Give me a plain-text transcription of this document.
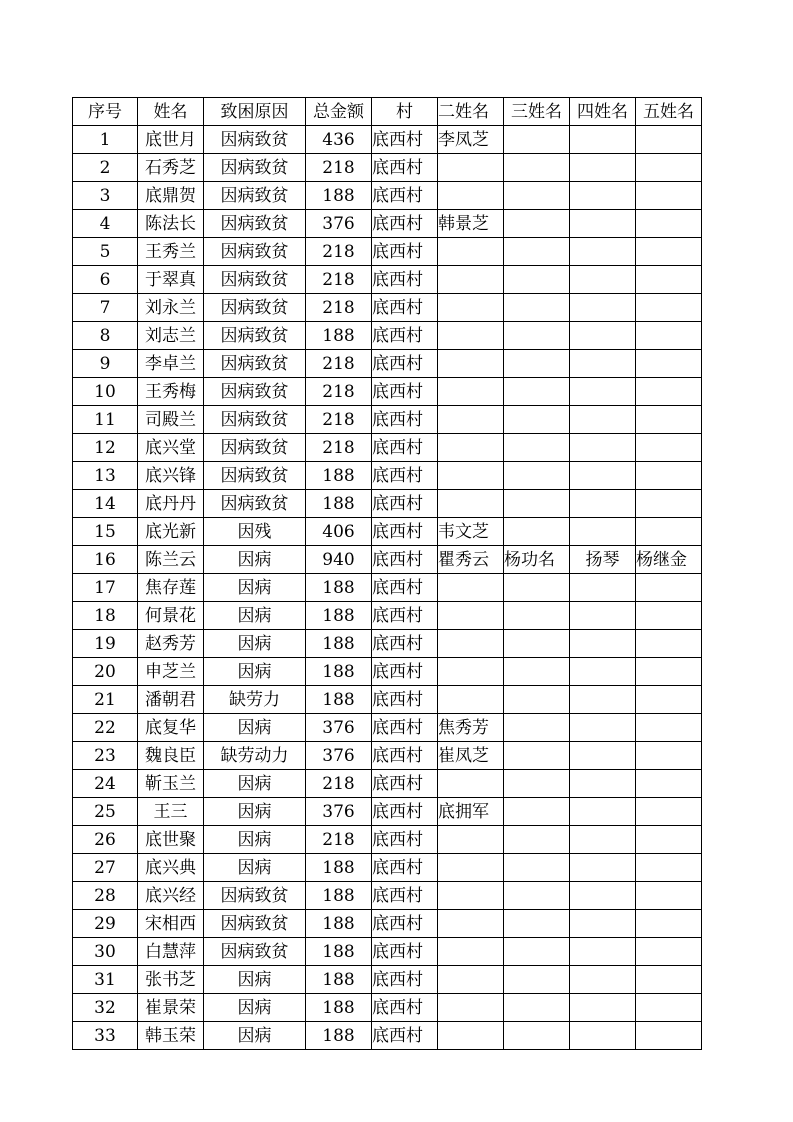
序号	姓名	致困原因	总金额	村	二姓名	三姓名	四姓名	五姓名
1	底世月	因病致贫	436	底西村	李凤芝			
2	石秀芝	因病致贫	218	底西村				
3	底鼎贺	因病致贫	188	底西村				
4	陈法长	因病致贫	376	底西村	韩景芝			
5	王秀兰	因病致贫	218	底西村				
6	于翠真	因病致贫	218	底西村				
7	刘永兰	因病致贫	218	底西村				
8	刘志兰	因病致贫	188	底西村				
9	李卓兰	因病致贫	218	底西村				
10	王秀梅	因病致贫	218	底西村				
11	司殿兰	因病致贫	218	底西村				
12	底兴堂	因病致贫	218	底西村				
13	底兴锋	因病致贫	188	底西村				
14	底丹丹	因病致贫	188	底西村				
15	底光新	因残	406	底西村	韦文芝			
16	陈兰云	因病	940	底西村	瞿秀云	杨功名	扬琴	杨继金
17	焦存莲	因病	188	底西村				
18	何景花	因病	188	底西村				
19	赵秀芳	因病	188	底西村				
20	申芝兰	因病	188	底西村				
21	潘朝君	缺劳力	188	底西村				
22	底复华	因病	376	底西村	焦秀芳			
23	魏良臣	缺劳动力	376	底西村	崔凤芝			
24	靳玉兰	因病	218	底西村				
25	王三	因病	376	底西村	底拥军			
26	底世聚	因病	218	底西村				
27	底兴典	因病	188	底西村				
28	底兴经	因病致贫	188	底西村				
29	宋相西	因病致贫	188	底西村				
30	白慧萍	因病致贫	188	底西村				
31	张书芝	因病	188	底西村				
32	崔景荣	因病	188	底西村				
33	韩玉荣	因病	188	底西村				
